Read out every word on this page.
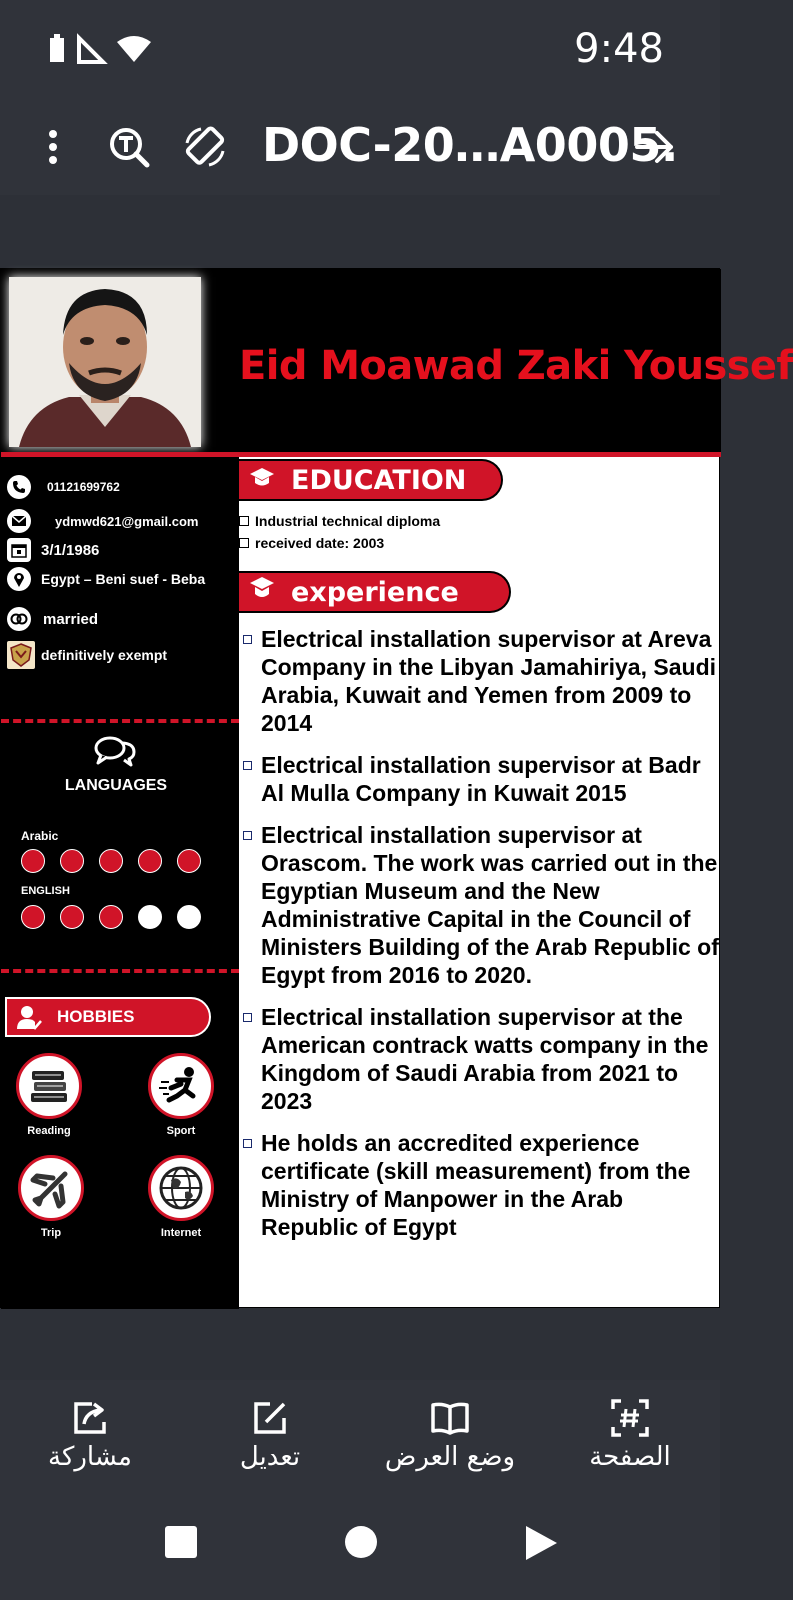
9:48
DOC-20…A0005.
Eid Moawad Zaki Youssef
01121699762
ydmwd621@gmail.com
3/1/1986
Egypt – Beni suef - Beba
married
definitively exempt
LANGUAGES
Arabic
ENGLISH
HOBBIES
Reading	Sport
Trip	Internet
EDUCATION
Industrial technical diploma
received date: 2003
experience
Electrical installation supervisor at Areva Company in the Libyan Jamahiriya, Saudi Arabia, Kuwait and Yemen from 2009 to 2014
Electrical installation supervisor at Badr Al Mulla Company in Kuwait 2015
Electrical installation supervisor at Orascom. The work was carried out in the Egyptian Museum and the New Administrative Capital in the Council of Ministers Building of the Arab Republic of Egypt from 2016 to 2020.
Electrical installation supervisor at the American contrack watts company in the Kingdom of Saudi Arabia from 2021 to 2023
He holds an accredited experience certificate (skill measurement) from the Ministry of Manpower in the Arab Republic of Egypt
مشاركة	تعديل	وضع العرض	الصفحة
